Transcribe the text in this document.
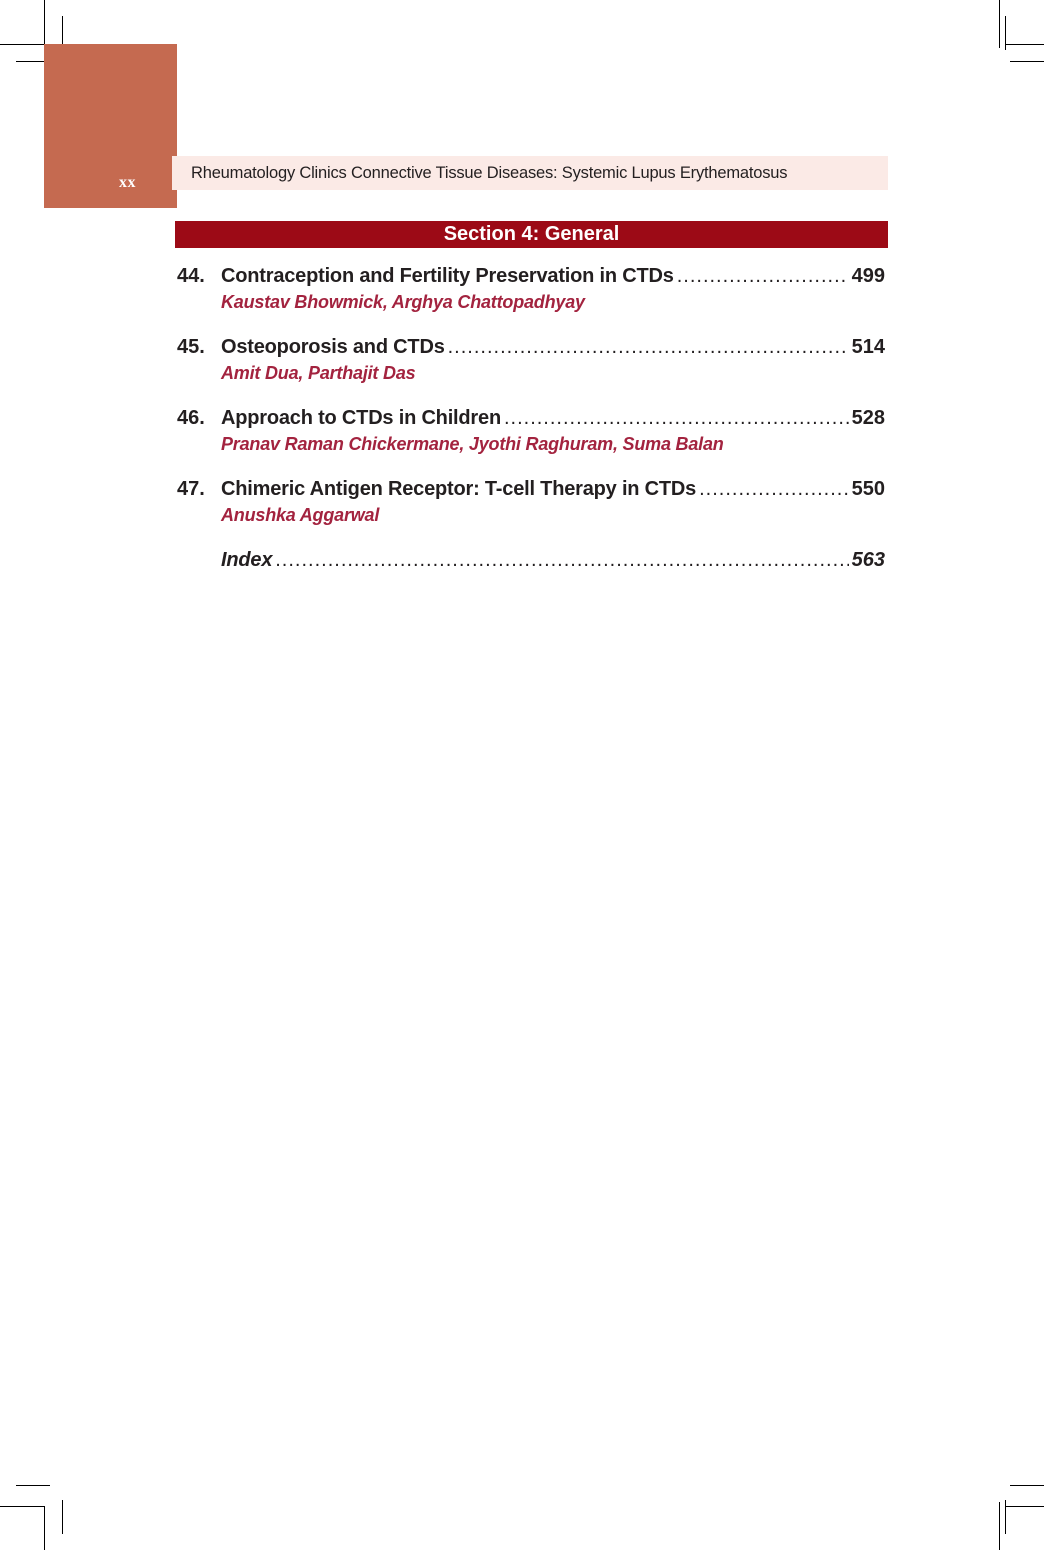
xx
Rheumatology Clinics Connective Tissue Diseases: Systemic Lupus Erythematosus
Section 4: General
44. Contraception and Fertility Preservation in CTDs .....	499
Kaustav Bhowmick, Arghya Chattopadhyay
45. Osteoporosis and CTDs .....	514
Amit Dua, Parthajit Das
46. Approach to CTDs in Children .....	528
Pranav Raman Chickermane, Jyothi Raghuram, Suma Balan
47. Chimeric Antigen Receptor: T-cell Therapy in CTDs .....	550
Anushka Aggarwal
Index .....	563
